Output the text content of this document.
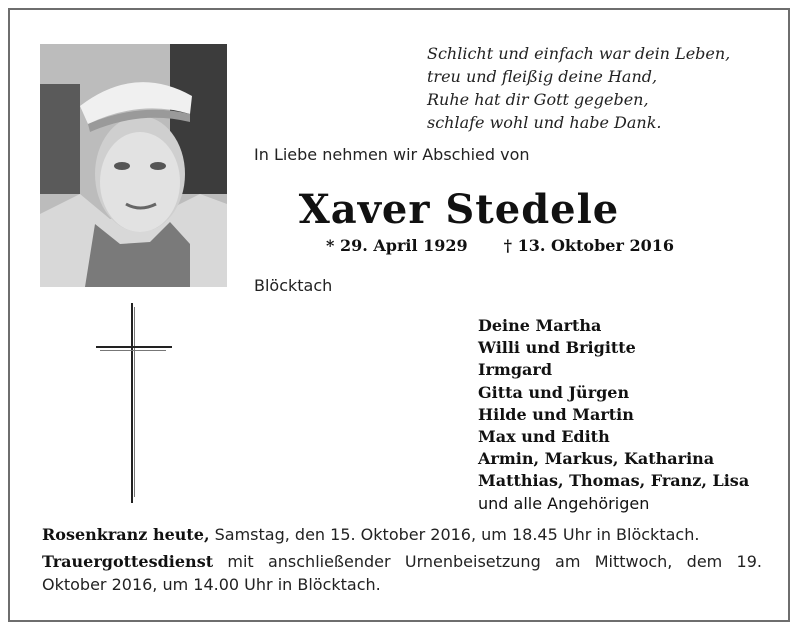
Schlicht und einfach war dein Leben,
treu und fleißig deine Hand,
Ruhe hat dir Gott gegeben,
schlafe wohl und habe Dank.
In Liebe nehmen wir Abschied von
Xaver Stedele
* 29. April 1929 † 13. Oktober 2016
Blöcktach
Deine Martha
Willi und Brigitte
Irmgard
Gitta und Jürgen
Hilde und Martin
Max und Edith
Armin, Markus, Katharina
Matthias, Thomas, Franz, Lisa
und alle Angehörigen
Rosenkranz heute, Samstag, den 15. Oktober 2016, um 18.45 Uhr in Blöcktach.
Trauergottesdienst mit anschließender Urnenbeisetzung am Mittwoch, dem 19. Oktober 2016, um 14.00 Uhr in Blöcktach.
